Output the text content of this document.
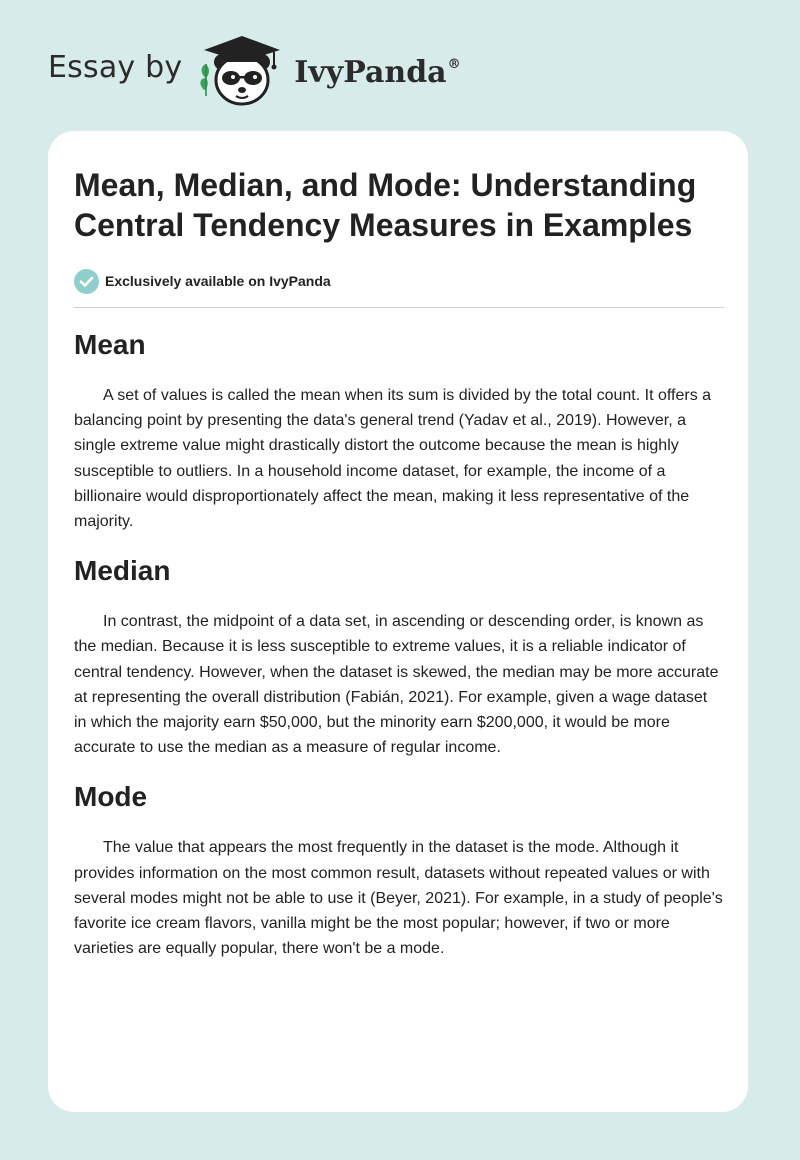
Essay by	IvyPanda®
Mean, Median, and Mode: Understanding Central Tendency Measures in Examples
Exclusively available on IvyPanda
Mean

A set of values is called the mean when its sum is divided by the total count. It offers a balancing point by presenting the data's general trend (Yadav et al., 2019). However, a single extreme value might drastically distort the outcome because the mean is highly susceptible to outliers. In a household income dataset, for example, the income of a billionaire would disproportionately affect the mean, making it less representative of the majority.

Median

In contrast, the midpoint of a data set, in ascending or descending order, is known as the median. Because it is less susceptible to extreme values, it is a reliable indicator of central tendency. However, when the dataset is skewed, the median may be more accurate at representing the overall distribution (Fabián, 2021). For example, given a wage dataset in which the majority earn $50,000, but the minority earn $200,000, it would be more accurate to use the median as a measure of regular income.

Mode

The value that appears the most frequently in the dataset is the mode. Although it provides information on the most common result, datasets without repeated values or with several modes might not be able to use it (Beyer, 2021). For example, in a study of people's favorite ice cream flavors, vanilla might be the most popular; however, if two or more varieties are equally popular, there won't be a mode.
